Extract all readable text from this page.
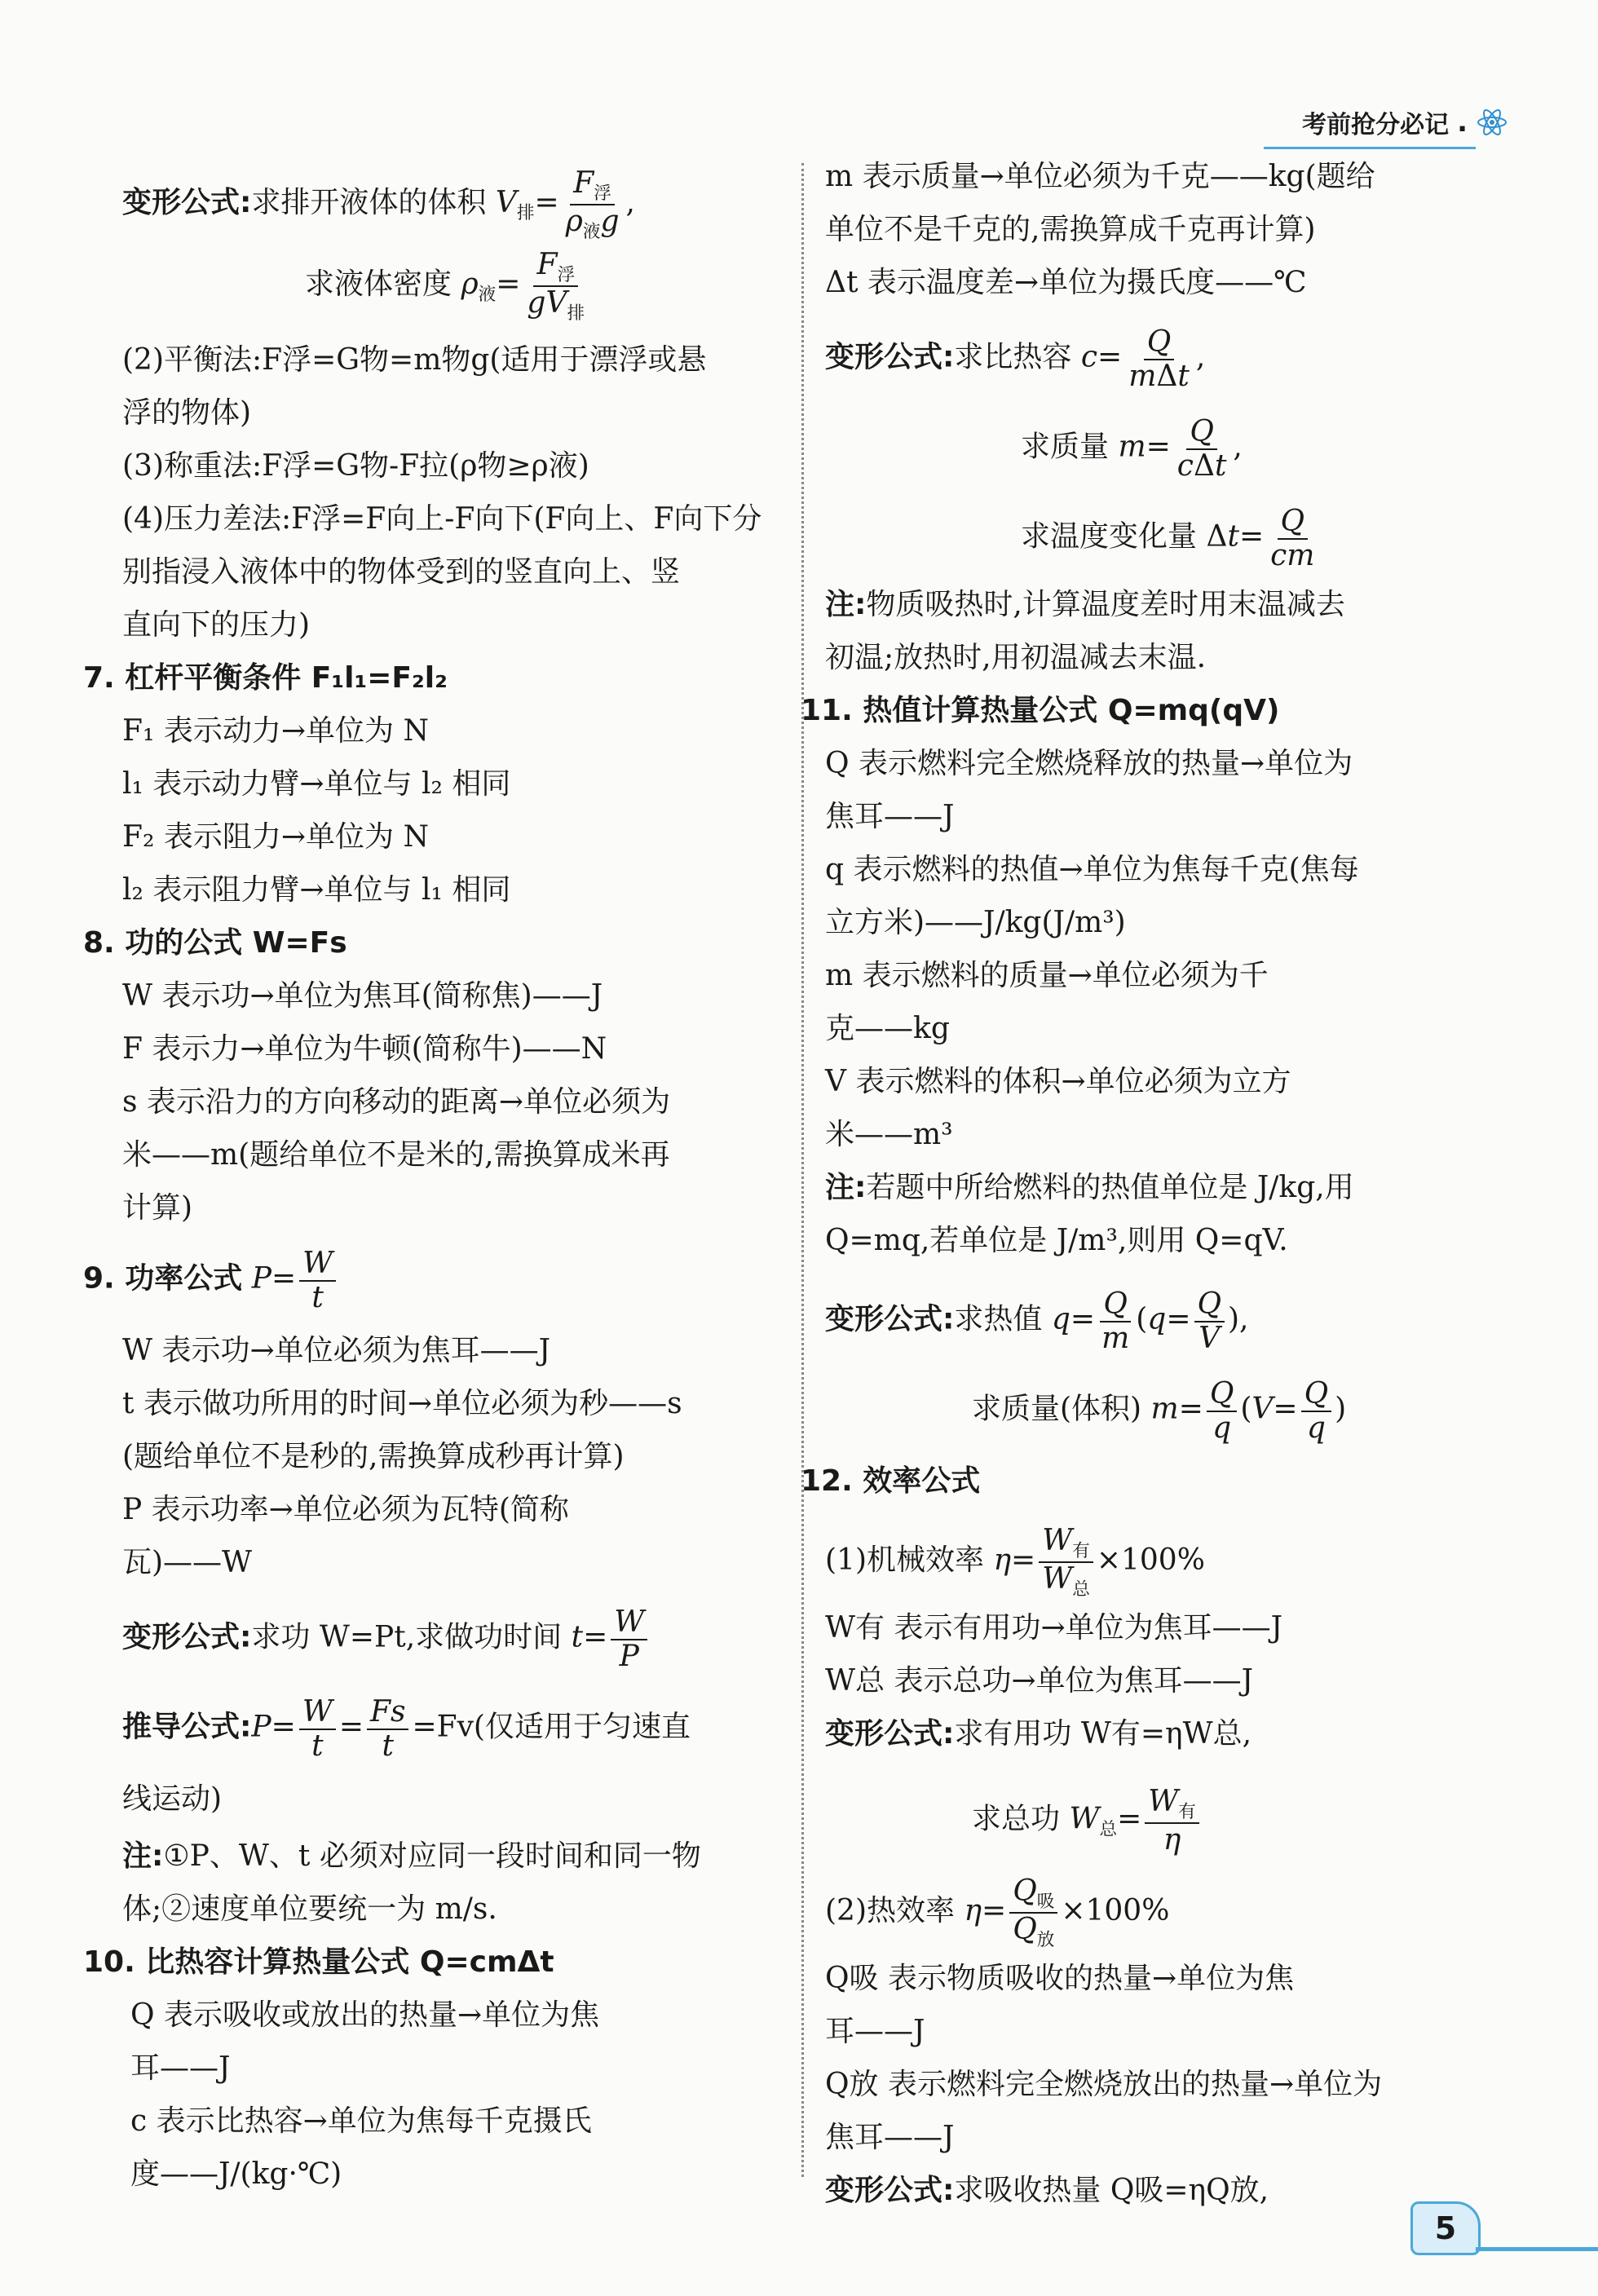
考前抢分必记 .
变形公式:求排开液体的体积 $V_排=$
$F_浮$
$\rho_液g$
,
求液体密度 $\rho_液=$
$F_浮$
$gV_排$
(2)平衡法:F浮=G物=m物g(适用于漂浮或悬
浮的物体)
(3)称重法:F浮=G物-F拉(ρ物≥ρ液)
(4)压力差法:F浮=F向上-F向下(F向上、F向下分
别指浸入液体中的物体受到的竖直向上、竖
直向下的压力)
7. 杠杆平衡条件 F₁l₁=F₂l₂
F₁ 表示动力→单位为 N
l₁ 表示动力臂→单位与 l₂ 相同
F₂ 表示阻力→单位为 N
l₂ 表示阻力臂→单位与 l₁ 相同
8. 功的公式 W=Fs
W 表示功→单位为焦耳(简称焦)——J
F 表示力→单位为牛顿(简称牛)——N
s 表示沿力的方向移动的距离→单位必须为
米——m(题给单位不是米的,需换算成米再
计算)
9. 功率公式 $P= \frac{W}{t}$
W 表示功→单位必须为焦耳——J
t 表示做功所用的时间→单位必须为秒——s
(题给单位不是秒的,需换算成秒再计算)
P 表示功率→单位必须为瓦特(简称
瓦)——W
变形公式:求功 W=Pt,求做功时间 $t= \frac{W}{P}$
推导公式:P= $\frac{W}{t} = \frac{Fs}{t} =Fv$(仅适用于匀速直
线运动)
注:①P、W、t 必须对应同一段时间和同一物
体;②速度单位要统一为 m/s.
10. 比热容计算热量公式 Q=cmΔt
Q 表示吸收或放出的热量→单位为焦
耳——J
c 表示比热容→单位为焦每千克摄氏
度——J/(kg·℃)
m 表示质量→单位必须为千克——kg(题给
单位不是千克的,需换算成千克再计算)
Δt 表示温度差→单位为摄氏度——℃
变形公式:求比热容 c= Q
mΔt
,
求质量 m= Q
cΔt
,
求温度变化量 $\Delta t= \frac{Q}{cm}$
注:物质吸热时,计算温度差时用末温减去
初温;放热时,用初温减去末温.
11. 热值计算热量公式 Q=mq(qV)
Q 表示燃料完全燃烧释放的热量→单位为
焦耳——J
q 表示燃料的热值→单位为焦每千克(焦每
立方米)——J/kg(J/m³)
m 表示燃料的质量→单位必须为千
克——kg
V 表示燃料的体积→单位必须为立方
米——m³
注:若题中所给燃料的热值单位是 J/kg,用
Q=mq,若单位是 J/m³,则用 Q=qV.
变形公式:求热值 $q= \frac{Q}{m} (q= \frac{Q}{V}$ ),
求质量(体积) $m= \frac{Q}{q} (V= \frac{Q}{q}$ )
12. 效率公式
(1)机械效率 η=
$W_有$
$W_总$
×100%
W有 表示有用功→单位为焦耳——J
W总 表示总功→单位为焦耳——J
变形公式:求有用功 W有=ηW总,
求总功 $W_总=$
$W_有$
η
(2)热效率 η=
$Q_吸$
$Q_放$
×100%
Q吸 表示物质吸收的热量→单位为焦
耳——J
Q放 表示燃料完全燃烧放出的热量→单位为
焦耳——J
变形公式:求吸收热量 Q吸=ηQ放,
5
